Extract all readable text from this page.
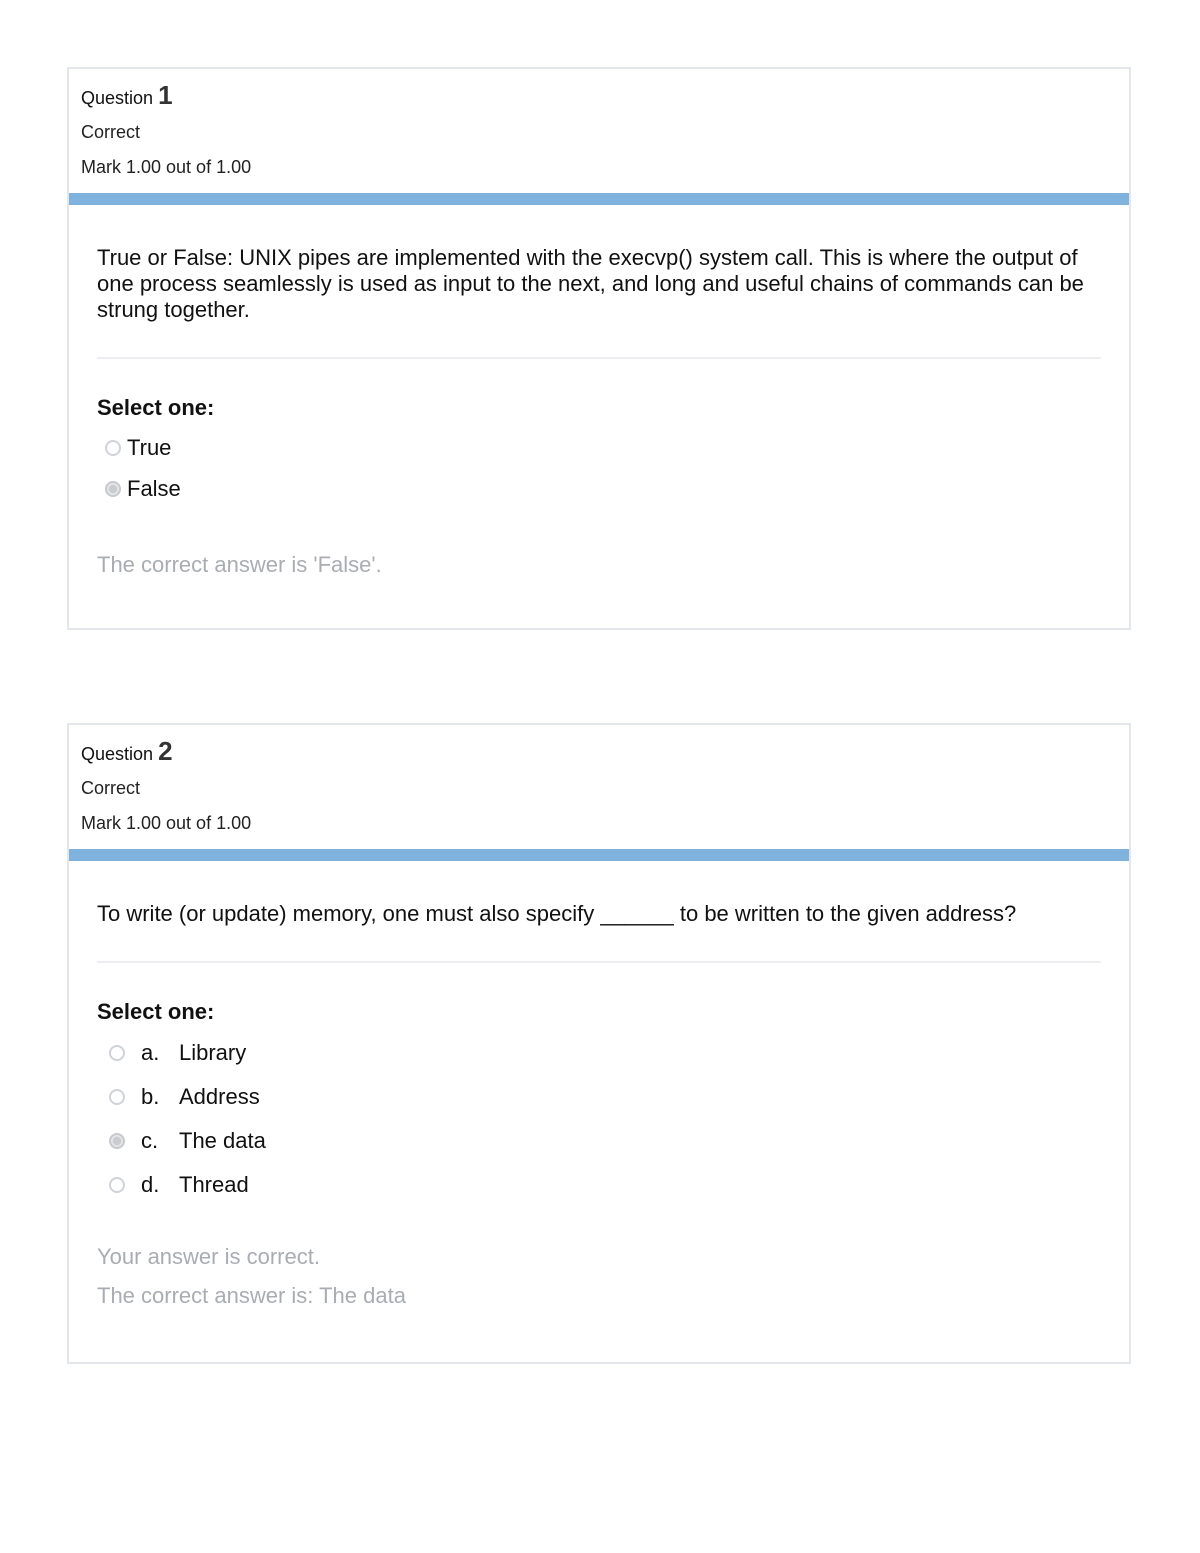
Question 1
Correct
Mark 1.00 out of 1.00
True or False: UNIX pipes are implemented with the execvp() system call. This is where the output of one process seamlessly is used as input to the next, and long and useful chains of commands can be strung together.
Select one:
True
False
The correct answer is 'False'.
Question 2
Correct
Mark 1.00 out of 1.00
To write (or update) memory, one must also specify ______ to be written to the given address?
Select one:
a. Library
b. Address
c. The data
d. Thread
Your answer is correct.
The correct answer is: The data
